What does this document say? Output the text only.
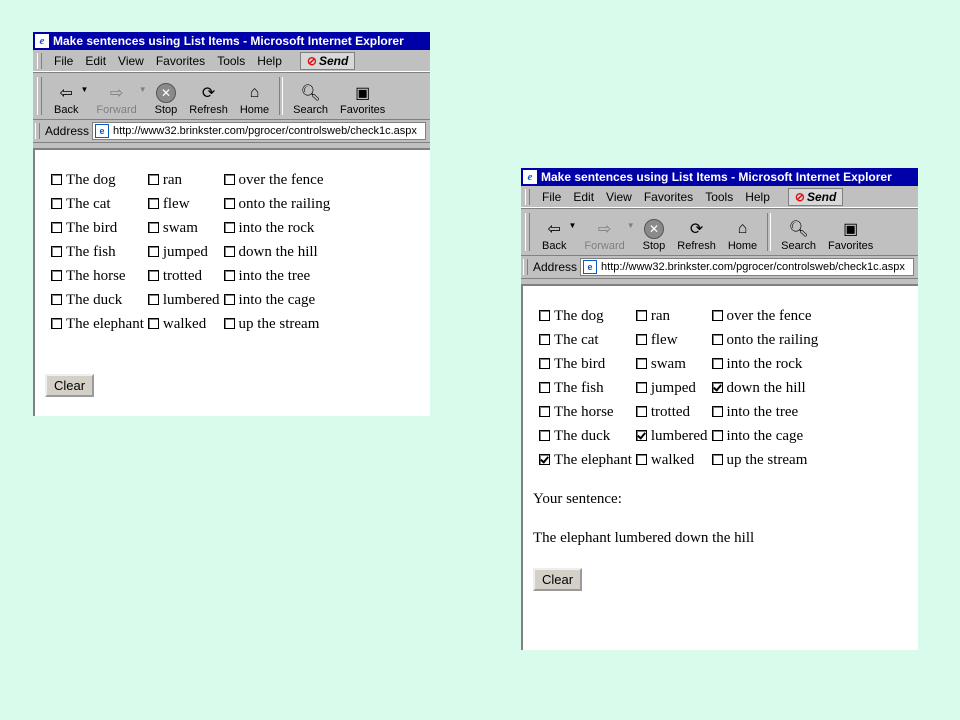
e Make sentences using List Items - Microsoft Internet Explorer
File	Edit	View	Favorites	Tools	Help	⊘ Send
⇦
Back
▼ ⇨
Forward
▼	✕
Stop
⟳
Refresh
⌂
Home
🔍︎
Search
▣
Favorites
Address	e http://www32.brinkster.com/pgrocer/controlsweb/check1c.aspx
The dog	ran	over the fence
The cat	flew	onto the railing
The bird	swam	into the rock
The fish	jumped	down the hill
The horse	trotted	into the tree
The duck	lumbered	into the cage
The elephant	walked	up the stream
Clear
e Make sentences using List Items - Microsoft Internet Explorer
File	Edit	View	Favorites	Tools	Help	⊘ Send
⇦
Back
▼ ⇨
Forward
▼	✕
Stop
⟳
Refresh
⌂
Home
🔍︎
Search
▣
Favorites
Address	e http://www32.brinkster.com/pgrocer/controlsweb/check1c.aspx
The dog	ran	over the fence
The cat	flew	onto the railing
The bird	swam	into the rock
The fish	jumped	down the hill
The horse	trotted	into the tree
The duck	lumbered	into the cage
The elephant	walked	up the stream
Your sentence:
The elephant lumbered down the hill
Clear
